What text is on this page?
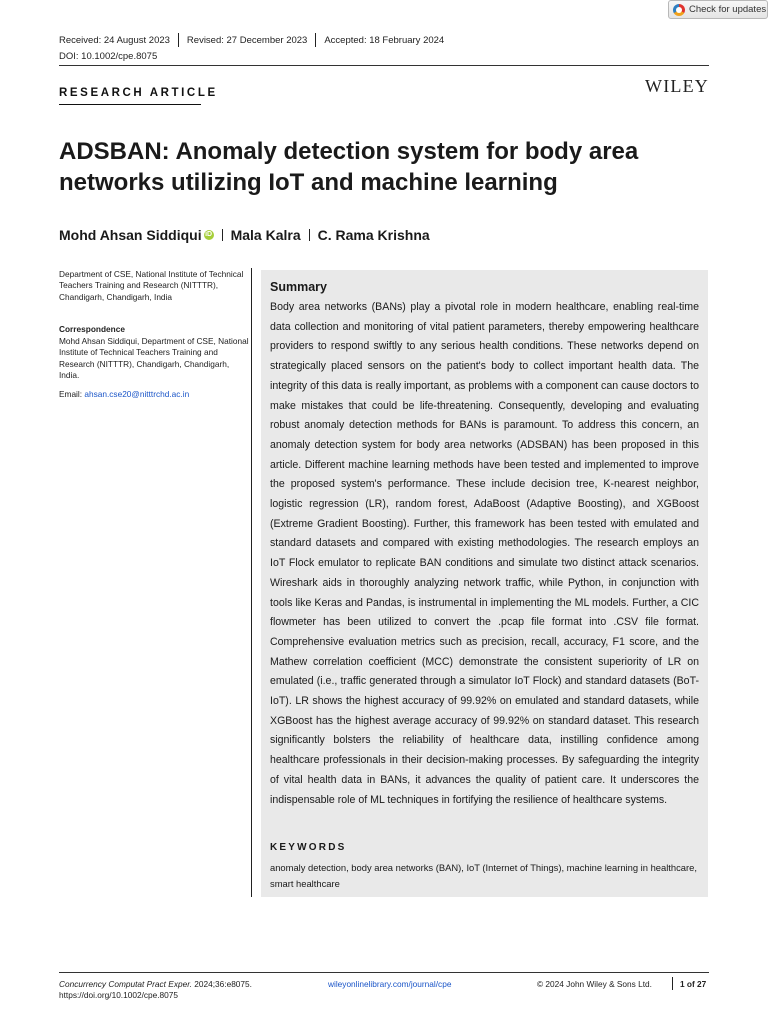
Check for updates
Received: 24 August 2023 Revised: 27 December 2023 Accepted: 18 February 2024
DOI: 10.1002/cpe.8075
RESEARCH ARTICLE	WILEY
ADSBAN: Anomaly detection system for body area networks utilizing IoT and machine learning
Mohd Ahsan Siddiqui iD Mala Kalra C. Rama Krishna
Department of CSE, National Institute of Technical Teachers Training and Research (NITTTR), Chandigarh, Chandigarh, India
Correspondence
Mohd Ahsan Siddiqui, Department of CSE, National Institute of Technical Teachers Training and Research (NITTTR), Chandigarh, Chandigarh, India.
Email: ahsan.cse20@nitttrchd.ac.in
Summary
Body area networks (BANs) play a pivotal role in modern healthcare, enabling real-time data collection and monitoring of vital patient parameters, thereby empowering healthcare providers to respond swiftly to any serious health conditions. These networks depend on strategically placed sensors on the patient's body to collect important health data. The integrity of this data is really important, as problems with a component can cause doctors to make mistakes that could be life-threatening. Consequently, developing and evaluating robust anomaly detection methods for BANs is paramount. To address this concern, an anomaly detection system for body area networks (ADSBAN) has been proposed in this article. Different machine learning methods have been tested and implemented to improve the proposed system's performance. These include decision tree, K-nearest neighbor, logistic regression (LR), random forest, AdaBoost (Adaptive Boosting), and XGBoost (Extreme Gradient Boosting). Further, this framework has been tested with emulated and standard datasets and compared with existing methodologies. The research employs an IoT Flock emulator to replicate BAN conditions and simulate two distinct attack scenarios. Wireshark aids in thoroughly analyzing network traffic, while Python, in conjunction with tools like Keras and Pandas, is instrumental in implementing the ML models. Further, a CIC flowmeter has been utilized to convert the .pcap file format into .CSV file format. Comprehensive evaluation metrics such as precision, recall, accuracy, F1 score, and the Mathew correlation coefficient (MCC) demonstrate the consistent superiority of LR on emulated (i.e., traffic generated through a simulator IoT Flock) and standard datasets (BoT-IoT). LR shows the highest accuracy of 99.92% on emulated and standard datasets, while XGBoost has the highest average accuracy of 99.92% on standard dataset. This research significantly bolsters the reliability of healthcare data, instilling confidence among healthcare professionals in their decision-making processes. By safeguarding the integrity of vital health data in BANs, it advances the quality of patient care. It underscores the indispensable role of ML techniques in fortifying the resilience of healthcare systems.
KEYWORDS
anomaly detection, body area networks (BAN), IoT (Internet of Things), machine learning in healthcare, smart healthcare
Concurrency Computat Pract Exper. 2024;36:e8075.
https://doi.org/10.1002/cpe.8075
wileyonlinelibrary.com/journal/cpe	© 2024 John Wiley & Sons Ltd.	1 of 27
